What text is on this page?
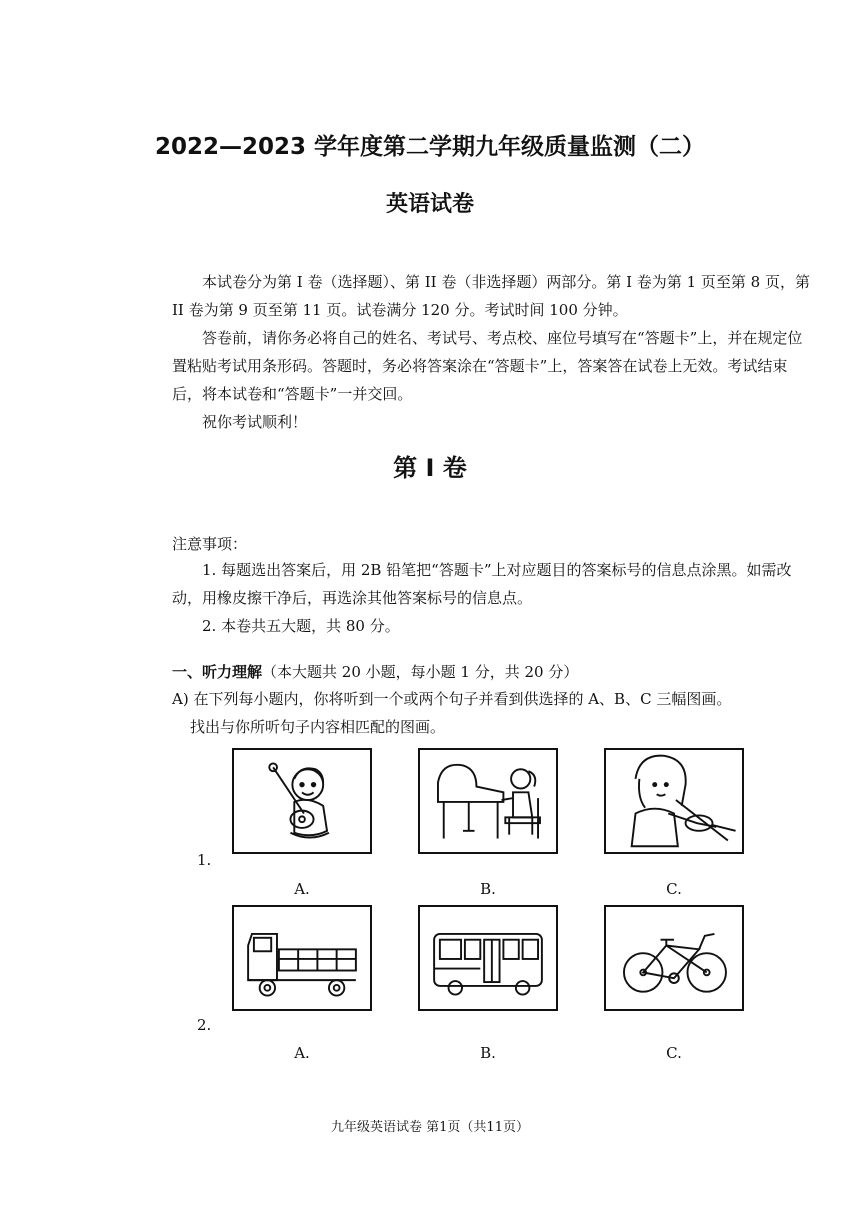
2022—2023 学年度第二学期九年级质量监测（二）
英语试卷

本试卷分为第 I 卷（选择题）、第 II 卷（非选择题）两部分。第 I 卷为第 1 页至第 8 页，第 II 卷为第 9 页至第 11 页。试卷满分 120 分。考试时间 100 分钟。

答卷前，请你务必将自己的姓名、考试号、考点校、座位号填写在“答题卡”上，并在规定位置粘贴考试用条形码。答题时，务必将答案涂在“答题卡”上，答案答在试卷上无效。考试结束后，将本试卷和“答题卡”一并交回。

祝你考试顺利！

第 I 卷
注意事项：

1. 每题选出答案后，用 2B 铅笔把“答题卡”上对应题目的答案标号的信息点涂黑。如需改动，用橡皮擦干净后，再选涂其他答案标号的信息点。

2. 本卷共五大题，共 80 分。

一、听力理解（本大题共 20 小题，每小题 1 分，共 20 分）

A) 在下列每小题内，你将听到一个或两个句子并看到供选择的 A、B、C 三幅图画。

找出与你所听句子内容相匹配的图画。

1.
A.	B.	C.
2.
A.	B.	C.
九年级英语试卷 第1页（共11页）
